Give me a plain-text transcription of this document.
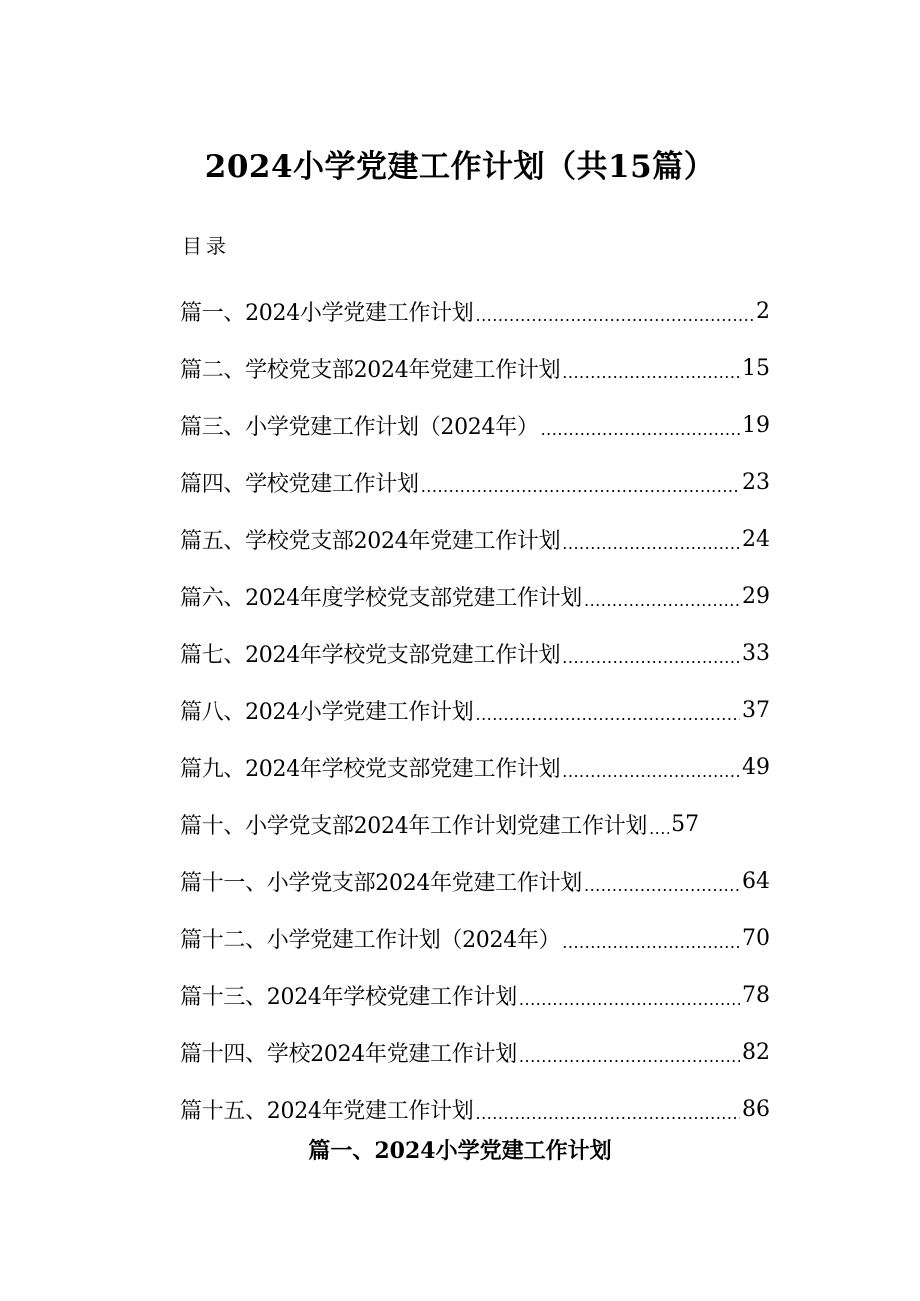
2024小学党建工作计划（共15篇）
目录
篇一、2024小学党建工作计划 .....	2
篇二、学校党支部2024年党建工作计划 .....	15
篇三、小学党建工作计划（2024年） .....	19
篇四、学校党建工作计划 .....	23
篇五、学校党支部2024年党建工作计划 .....	24
篇六、2024年度学校党支部党建工作计划 .....	29
篇七、2024年学校党支部党建工作计划 .....	33
篇八、2024小学党建工作计划 .....	37
篇九、2024年学校党支部党建工作计划 .....	49
篇十、小学党支部2024年工作计划党建工作计划 ..... 57
篇十一、小学党支部2024年党建工作计划 .....	64
篇十二、小学党建工作计划（2024年） .....	70
篇十三、2024年学校党建工作计划 .....	78
篇十四、学校2024年党建工作计划 .....	82
篇十五、2024年党建工作计划 .....	86
篇一、2024小学党建工作计划
